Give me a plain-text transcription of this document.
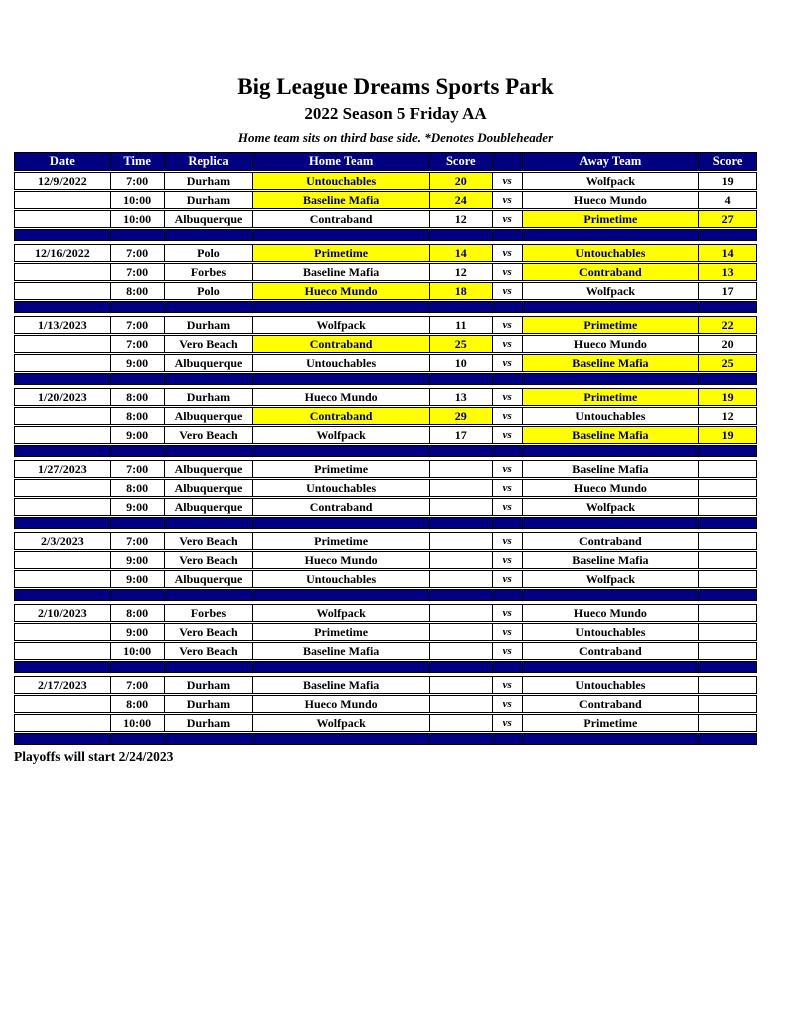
Big League Dreams Sports Park
2022 Season 5 Friday AA
Home team sits on third base side. *Denotes Doubleheader
Date	Time	Replica	Home Team	Score	Away Team	Score
12/9/2022	7:00	Durham	Untouchables	20	vs	Wolfpack	19
10:00	Durham	Baseline Mafia	24	vs	Hueco Mundo	4
10:00	Albuquerque	Contraband	12	vs	Primetime	27
12/16/2022	7:00	Polo	Primetime	14	vs	Untouchables	14
7:00	Forbes	Baseline Mafia	12	vs	Contraband	13
8:00	Polo	Hueco Mundo	18	vs	Wolfpack	17
1/13/2023	7:00	Durham	Wolfpack	11	vs	Primetime	22
7:00	Vero Beach	Contraband	25	vs	Hueco Mundo	20
9:00	Albuquerque	Untouchables	10	vs	Baseline Mafia	25
1/20/2023	8:00	Durham	Hueco Mundo	13	vs	Primetime	19
8:00	Albuquerque	Contraband	29	vs	Untouchables	12
9:00	Vero Beach	Wolfpack	17	vs	Baseline Mafia	19
1/27/2023	7:00	Albuquerque	Primetime	vs	Baseline Mafia
8:00	Albuquerque	Untouchables	vs	Hueco Mundo
9:00	Albuquerque	Contraband	vs	Wolfpack
2/3/2023	7:00	Vero Beach	Primetime	vs	Contraband
9:00	Vero Beach	Hueco Mundo	vs	Baseline Mafia
9:00	Albuquerque	Untouchables	vs	Wolfpack
2/10/2023	8:00	Forbes	Wolfpack	vs	Hueco Mundo
9:00	Vero Beach	Primetime	vs	Untouchables
10:00	Vero Beach	Baseline Mafia	vs	Contraband
2/17/2023	7:00	Durham	Baseline Mafia	vs	Untouchables
8:00	Durham	Hueco Mundo	vs	Contraband
10:00	Durham	Wolfpack	vs	Primetime
Playoffs will start 2/24/2023
